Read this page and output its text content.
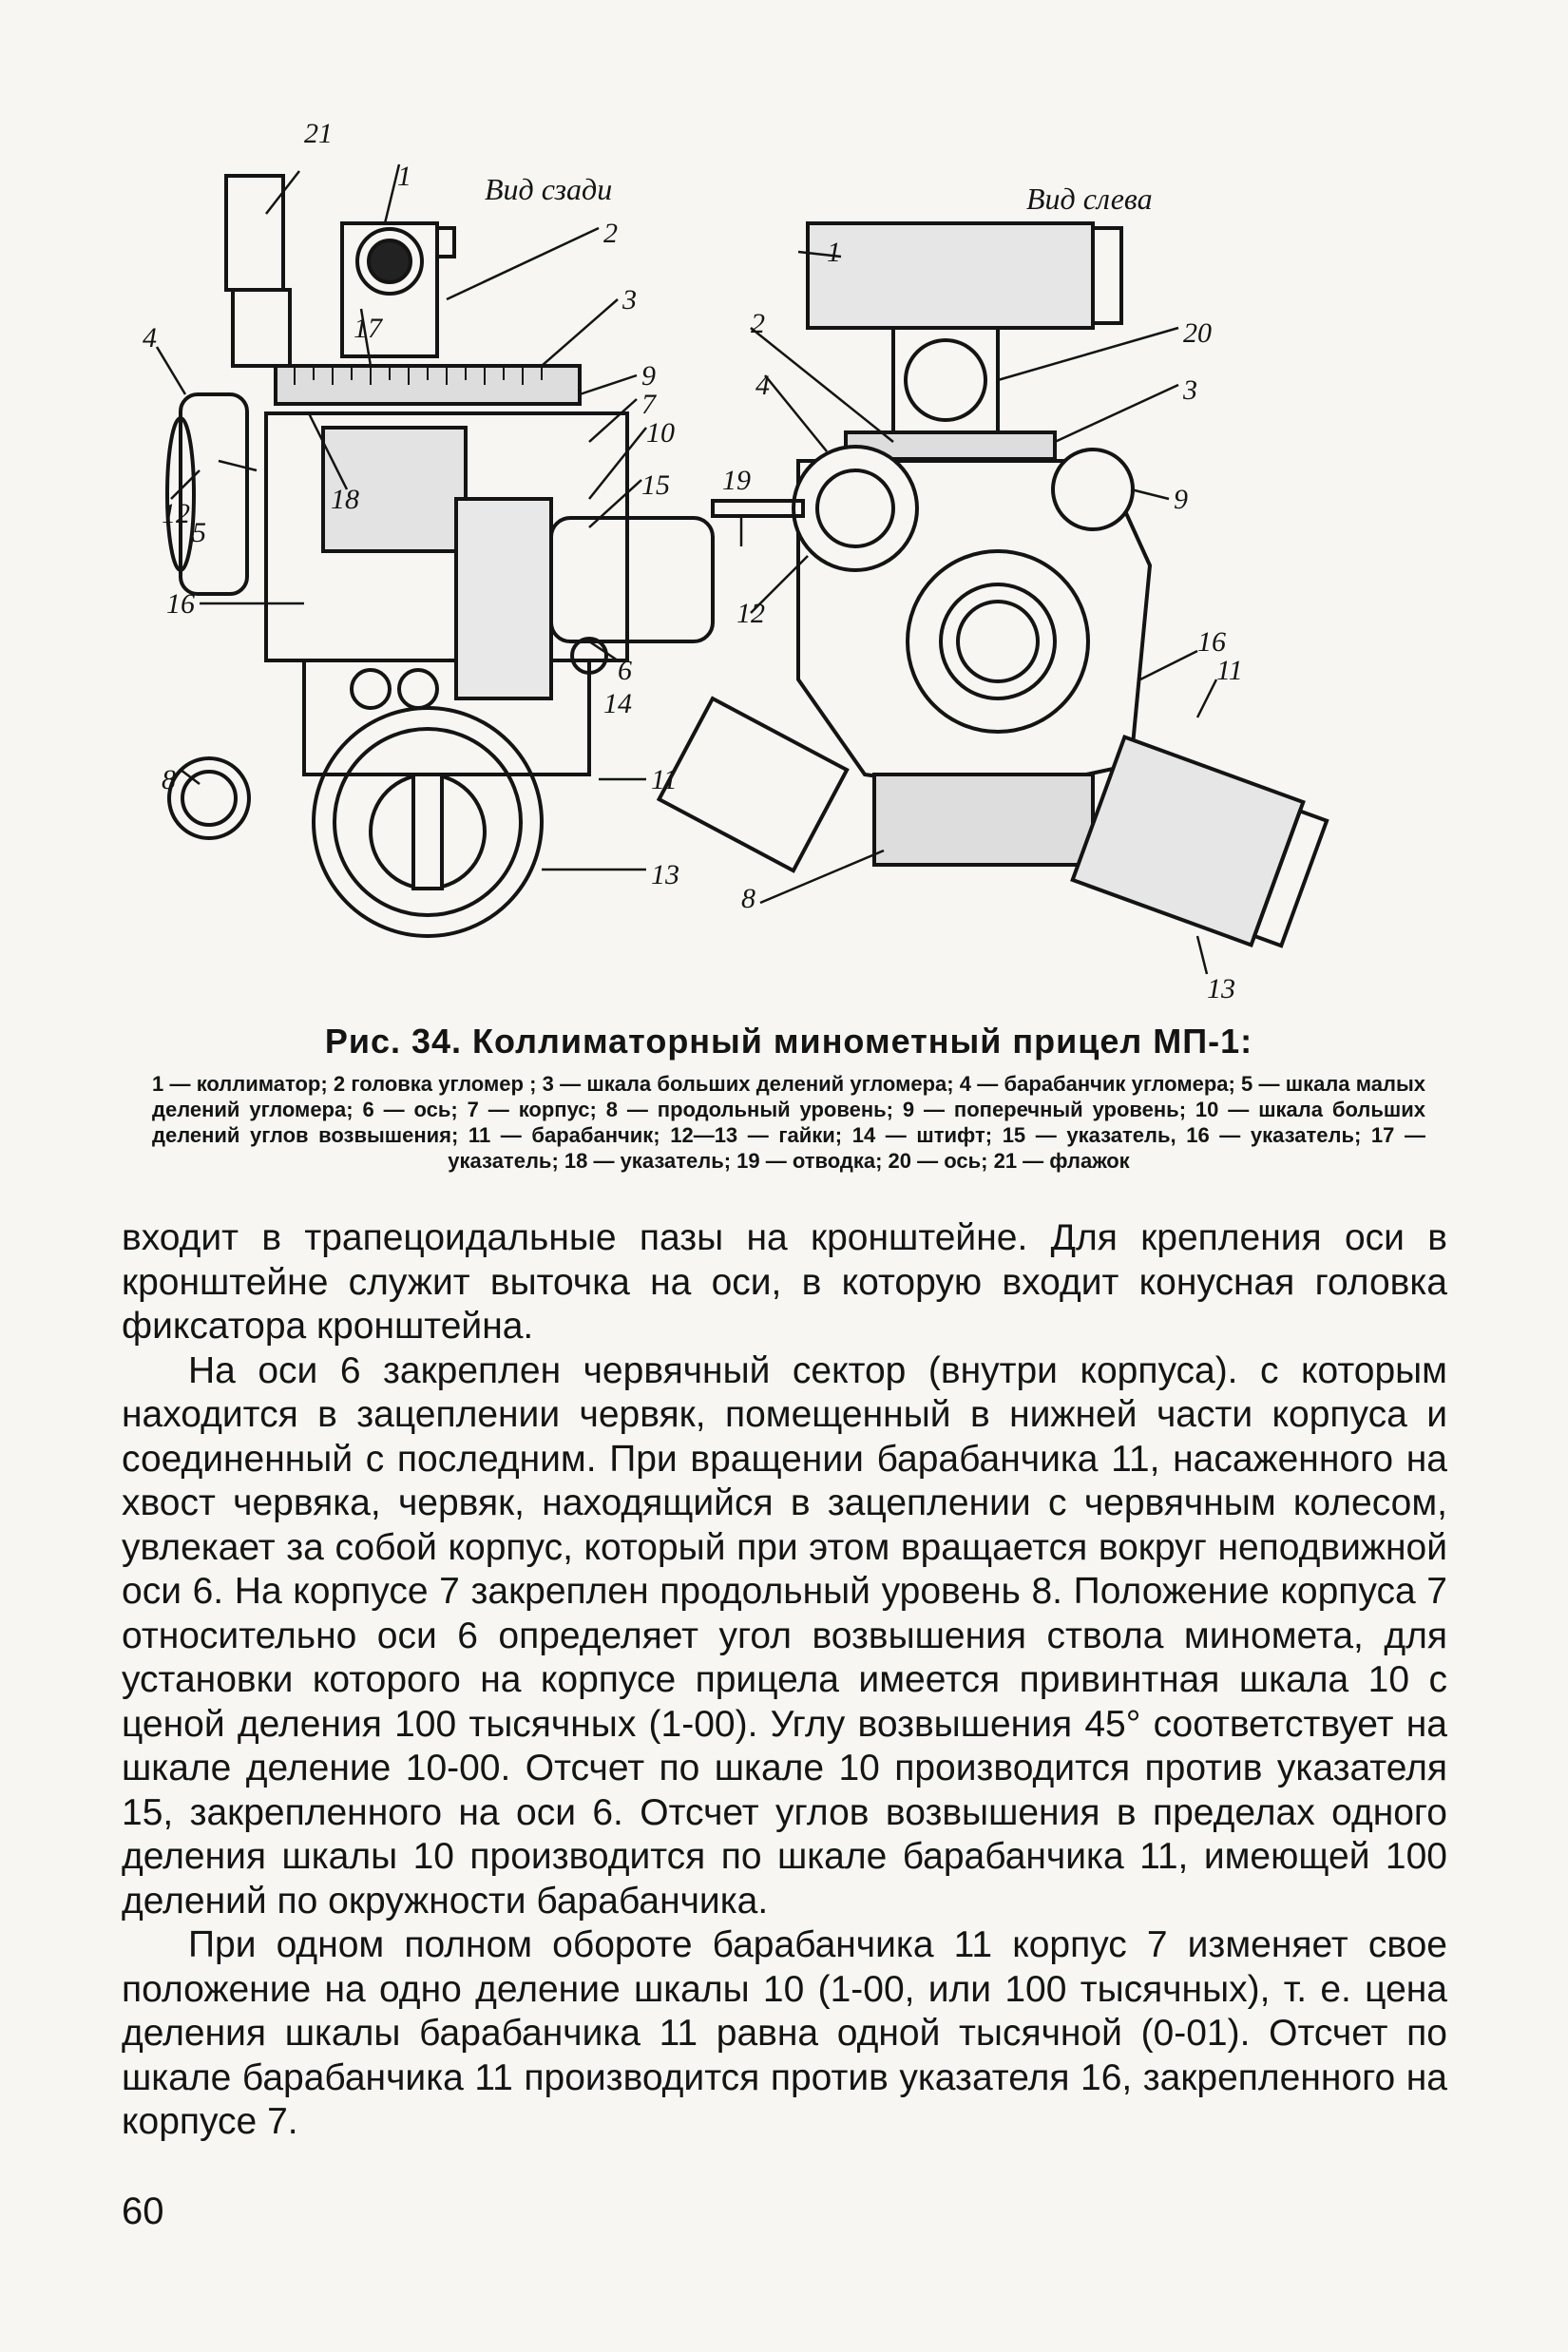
Вид сзади	Вид слева
21
1
2
3
17
9
7
10
15
4
12
5
18
16
6
14
8	11
13
1
2	20
4	3
19
9
12
16
11
8
13
Рис. 34. Коллиматорный минометный прицел МП-1:
1 — коллиматор; 2 головка угломер ; 3 — шкала больших делений угломера; 4 — барабанчик угломера; 5 — шкала малых делений угломера; 6 — ось; 7 — корпус; 8 — продольный уровень; 9 — поперечный уровень; 10 — шкала больших делений углов возвышения; 11 — барабанчик; 12—13 — гайки; 14 — штифт; 15 — указатель, 16 — указатель; 17 — указатель; 18 — указатель; 19 — отводка; 20 — ось; 21 — флажок

входит в трапецоидальные пазы на кронштейне. Для крепления оси в кронштейне служит выточка на оси, в которую входит конусная головка фиксатора кронштейна.

На оси 6 закреплен червячный сектор (внутри корпуса). с которым находится в зацеплении червяк, помещенный в нижней части корпуса и соединенный с последним. При вращении барабанчика 11, насаженного на хвост червяка, червяк, находящийся в зацеплении с червячным колесом, увлекает за собой корпус, который при этом вращается вокруг неподвижной оси 6. На корпусе 7 закреплен продольный уровень 8. Положение корпуса 7 относительно оси 6 определяет угол возвышения ствола миномета, для установки которого на корпусе прицела имеется привинтная шкала 10 с ценой деления 100 тысячных (1-00). Углу возвышения 45° соответствует на шкале деление 10-00. Отсчет по шкале 10 производится против указателя 15, закрепленного на оси 6. Отсчет углов возвышения в пределах одного деления шкалы 10 производится по шкале барабанчика 11, имеющей 100 делений по окружности барабанчика.

При одном полном обороте барабанчика 11 корпус 7 изменяет свое положение на одно деление шкалы 10 (1-00, или 100 тысячных), т. е. цена деления шкалы барабанчика 11 равна одной тысячной (0-01). Отсчет по шкале барабанчика 11 производится против указателя 16, закрепленного на корпусе 7.

60
